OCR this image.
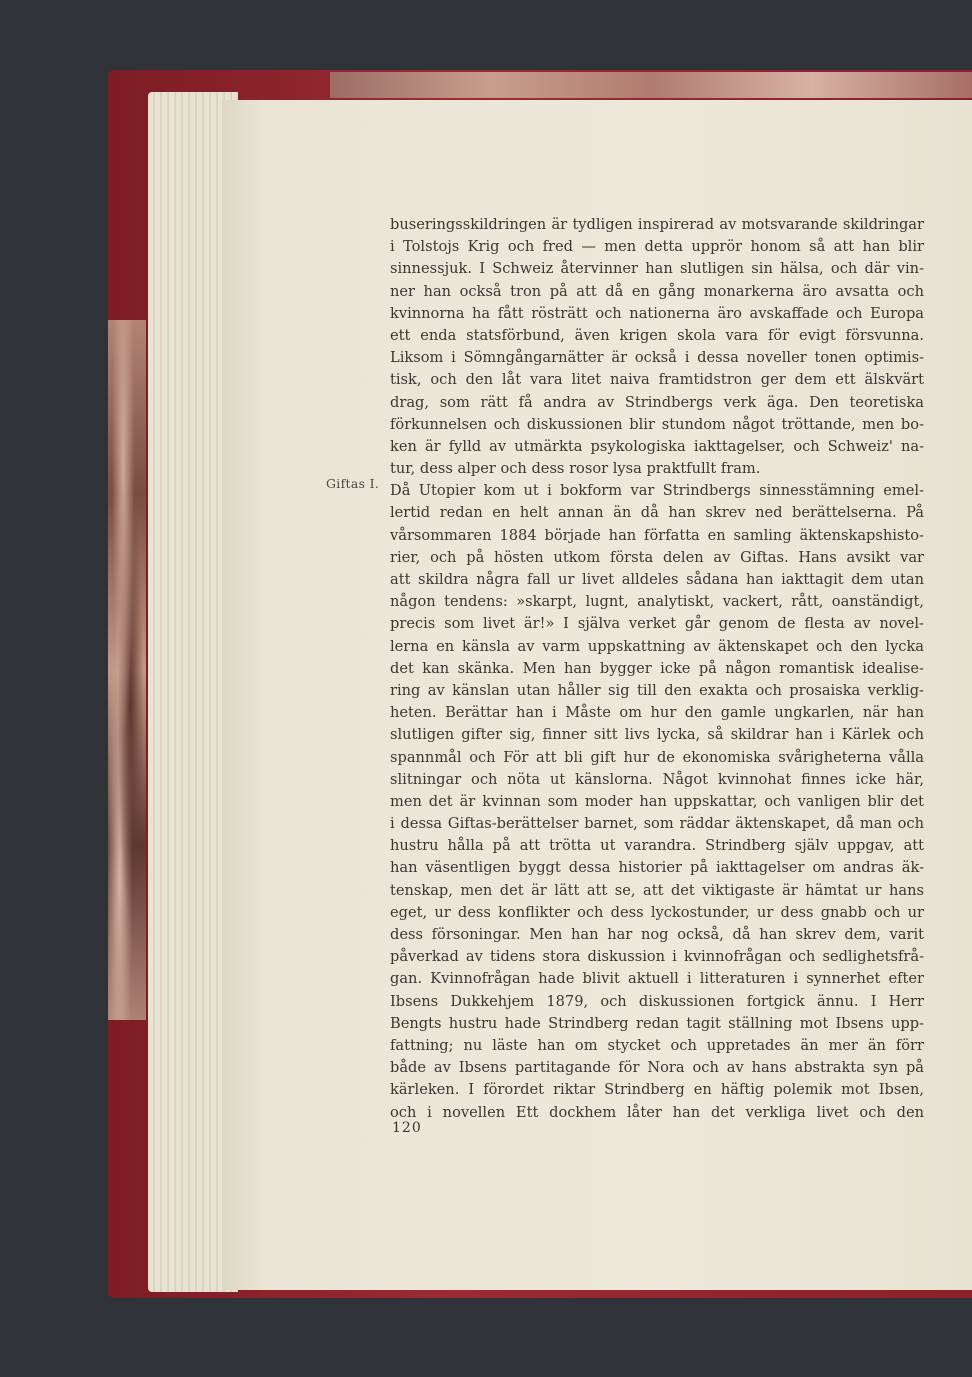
Giftas I.
buseringsskildringen är tydligen inspirerad av motsvarande skildringar
i Tolstojs Krig och fred — men detta upprör honom så att han blir
sinnessjuk. I Schweiz återvinner han slutligen sin hälsa, och där vin-
ner han också tron på att då en gång monarkerna äro avsatta och
kvinnorna ha fått rösträtt och nationerna äro avskaffade och Europa
ett enda statsförbund, även krigen skola vara för evigt försvunna.
Liksom i Sömngångarnätter är också i dessa noveller tonen optimis-
tisk, och den låt vara litet naiva framtidstron ger dem ett älskvärt
drag, som rätt få andra av Strindbergs verk äga. Den teoretiska
förkunnelsen och diskussionen blir stundom något tröttande, men bo-
ken är fylld av utmärkta psykologiska iakttagelser, och Schweiz' na-
tur, dess alper och dess rosor lysa praktfullt fram.
Då Utopier kom ut i bokform var Strindbergs sinnesstämning emel-
lertid redan en helt annan än då han skrev ned berättelserna. På
vårsommaren 1884 började han författa en samling äktenskapshisto-
rier, och på hösten utkom första delen av Giftas. Hans avsikt var
att skildra några fall ur livet alldeles sådana han iakttagit dem utan
någon tendens: »skarpt, lugnt, analytiskt, vackert, rått, oanständigt,
precis som livet är!» I själva verket går genom de flesta av novel-
lerna en känsla av varm uppskattning av äktenskapet och den lycka
det kan skänka. Men han bygger icke på någon romantisk idealise-
ring av känslan utan håller sig till den exakta och prosaiska verklig-
heten. Berättar han i Måste om hur den gamle ungkarlen, när han
slutligen gifter sig, finner sitt livs lycka, så skildrar han i Kärlek och
spannmål och För att bli gift hur de ekonomiska svårigheterna vålla
slitningar och nöta ut känslorna. Något kvinnohat finnes icke här,
men det är kvinnan som moder han uppskattar, och vanligen blir det
i dessa Giftas-berättelser barnet, som räddar äktenskapet, då man och
hustru hålla på att trötta ut varandra. Strindberg själv uppgav, att
han väsentligen byggt dessa historier på iakttagelser om andras äk-
tenskap, men det är lätt att se, att det viktigaste är hämtat ur hans
eget, ur dess konflikter och dess lyckostunder, ur dess gnabb och ur
dess försoningar. Men han har nog också, då han skrev dem, varit
påverkad av tidens stora diskussion i kvinnofrågan och sedlighetsfrå-
gan. Kvinnofrågan hade blivit aktuell i litteraturen i synnerhet efter
Ibsens Dukkehjem 1879, och diskussionen fortgick ännu. I Herr
Bengts hustru hade Strindberg redan tagit ställning mot Ibsens upp-
fattning; nu läste han om stycket och uppretades än mer än förr
både av Ibsens partitagande för Nora och av hans abstrakta syn på
kärleken. I förordet riktar Strindberg en häftig polemik mot Ibsen,
och i novellen Ett dockhem låter han det verkliga livet och den
120
